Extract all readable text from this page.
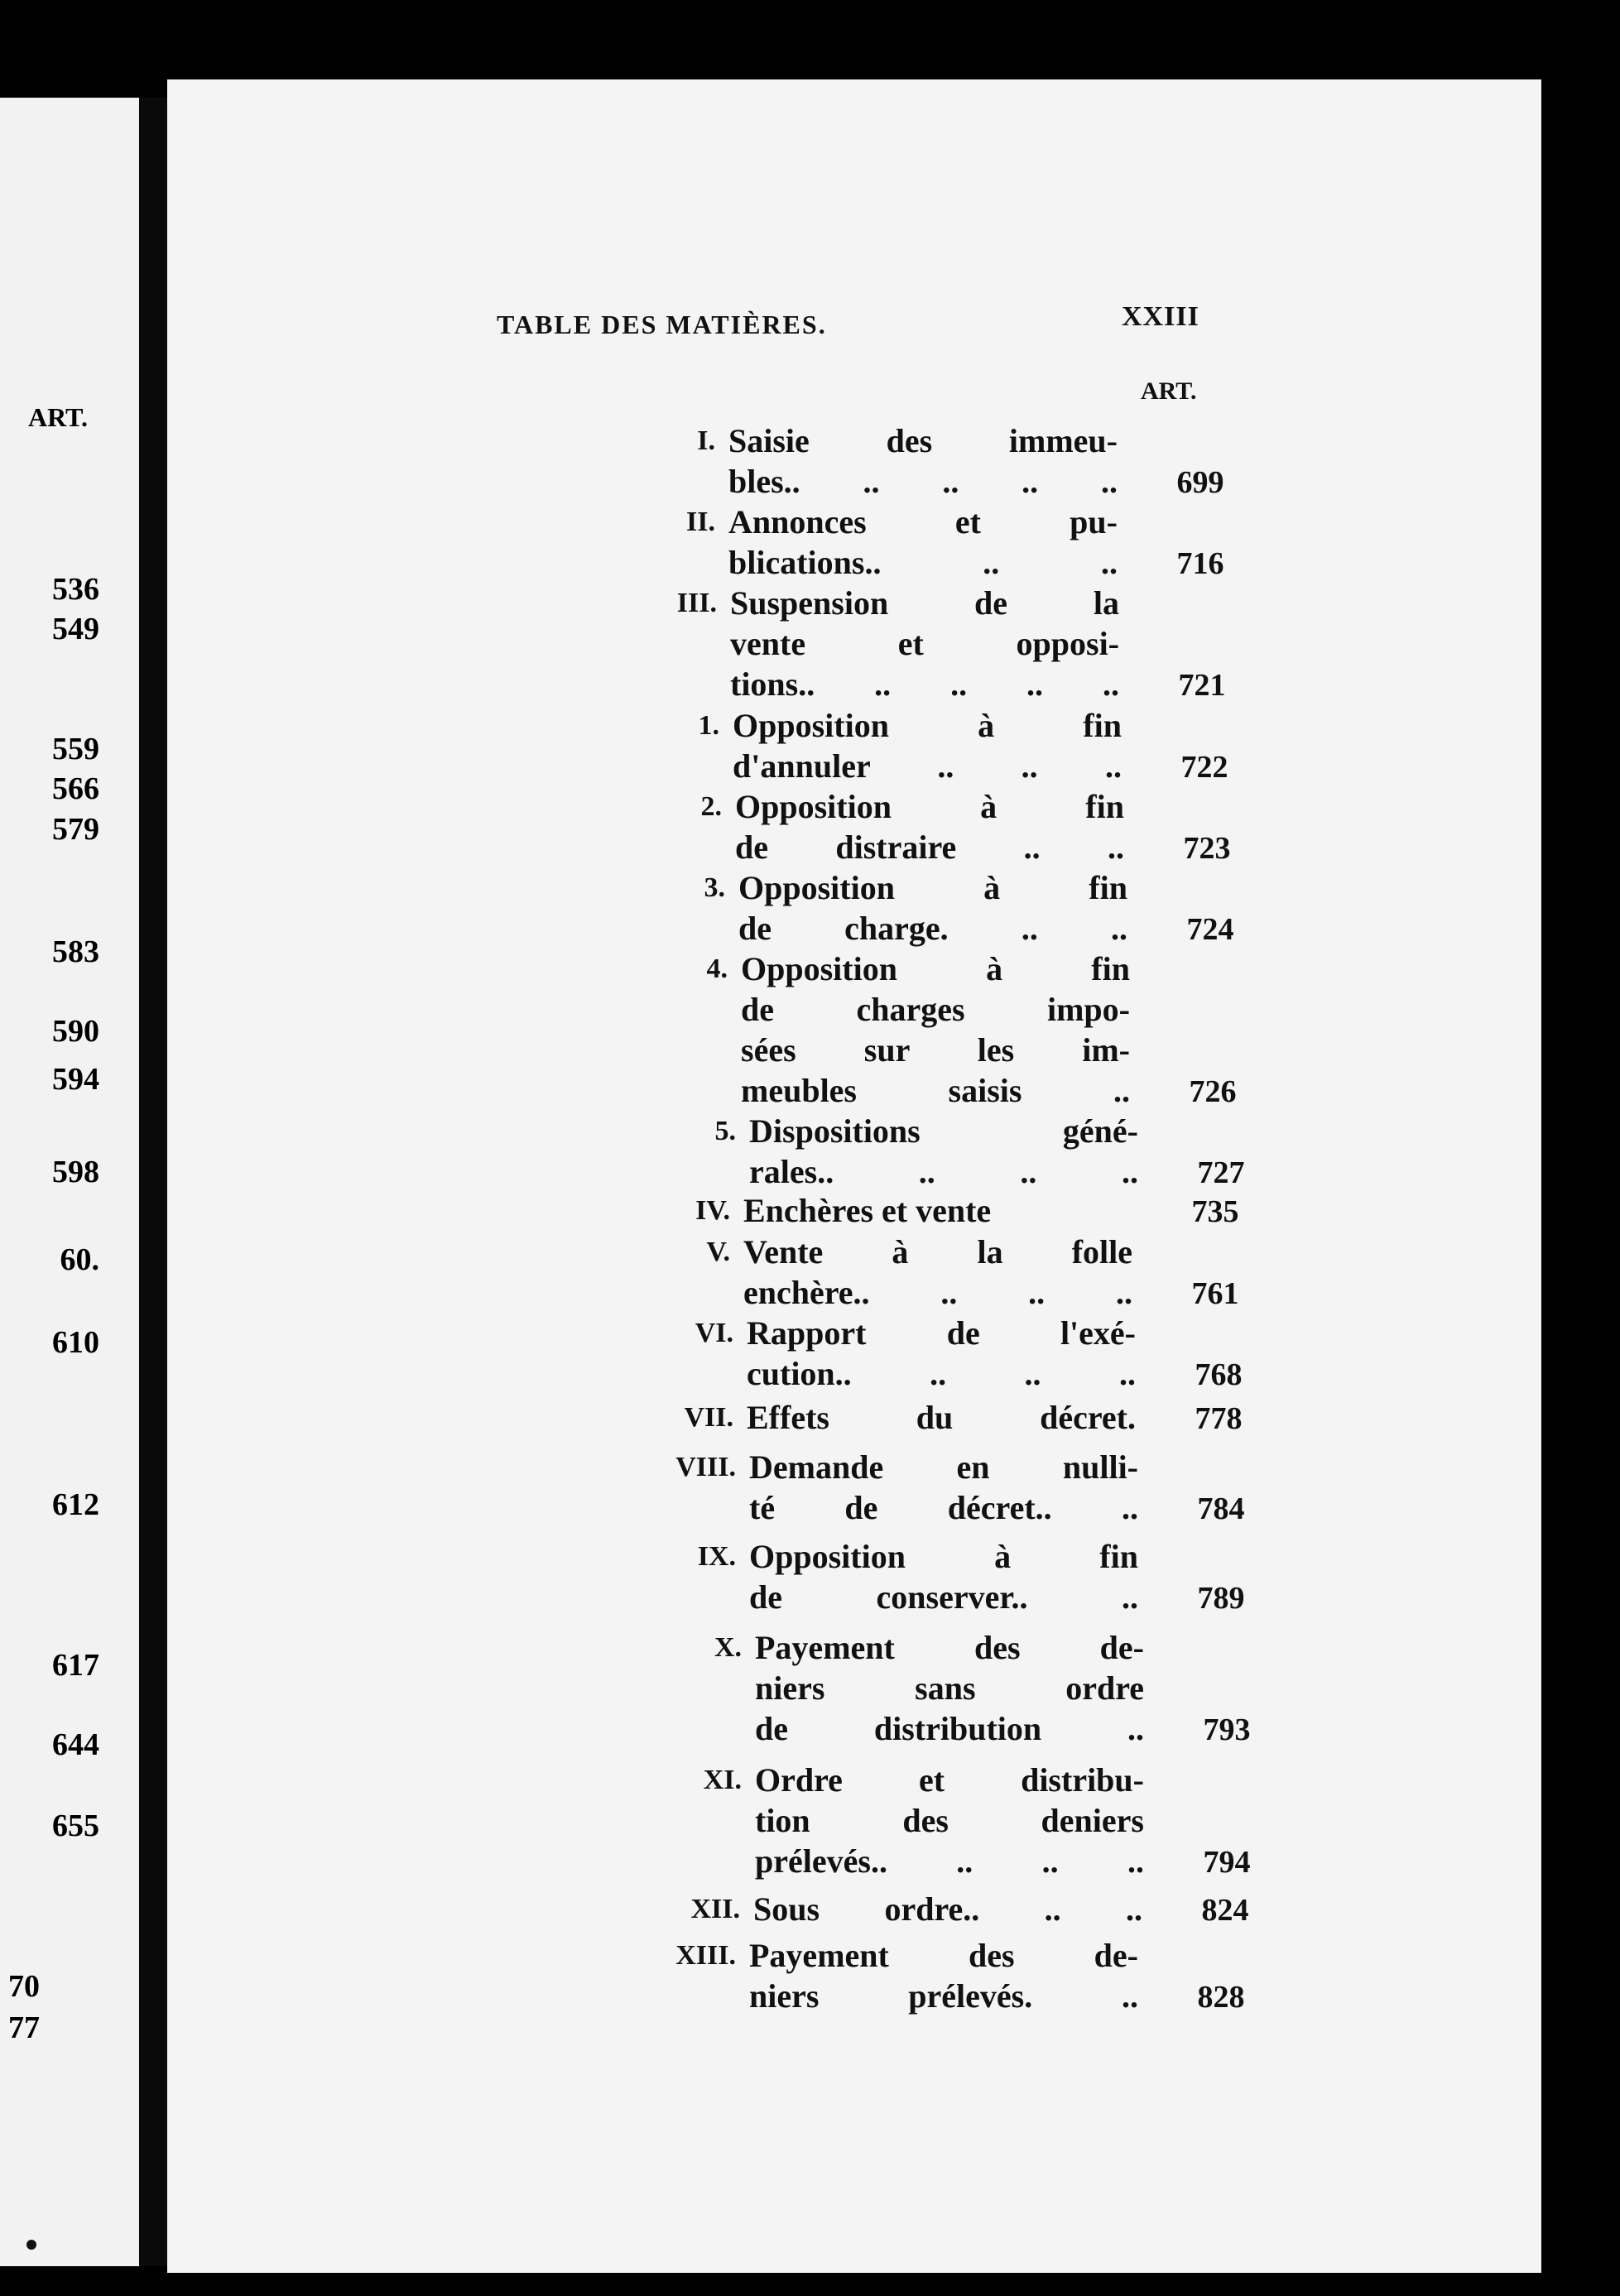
ART.
536
549
559
566
579
583
590
594
598
60.
610
612
617
644
655
70
77
TABLE DES MATIÈRES.	XXIII
ART.
I. Saisie des immeu-
bles.. .. .. .. ..	699
II. Annonces et pu-
blications.. .. ..	716
III. Suspension de la
vente et opposi-
tions.. .. .. .. ..	721
1. Opposition à fin
d'annuler .. .. ..	722
2. Opposition à fin
de distraire .. ..	723
3. Opposition à fin
de charge. .. ..	724
4. Opposition à fin
de charges impo-
sées sur les im-
meubles saisis ..	726
5. Dispositions géné-
rales.. .. .. ..	727
IV. Enchères et vente	735
V. Vente à la folle
enchère.. .. .. ..	761
VI. Rapport de l'exé-
cution.. .. .. ..	768
VII. Effets du décret.	778
VIII. Demande en nulli-
té de décret.. ..	784
IX. Opposition à fin
de conserver.. ..	789
X. Payement des de-
niers sans ordre
de distribution ..	793
XI. Ordre et distribu-
tion des deniers
prélevés.. .. .. ..	794
XII. Sous ordre.. .. ..	824
XIII. Payement des de-
niers prélevés. ..	828
